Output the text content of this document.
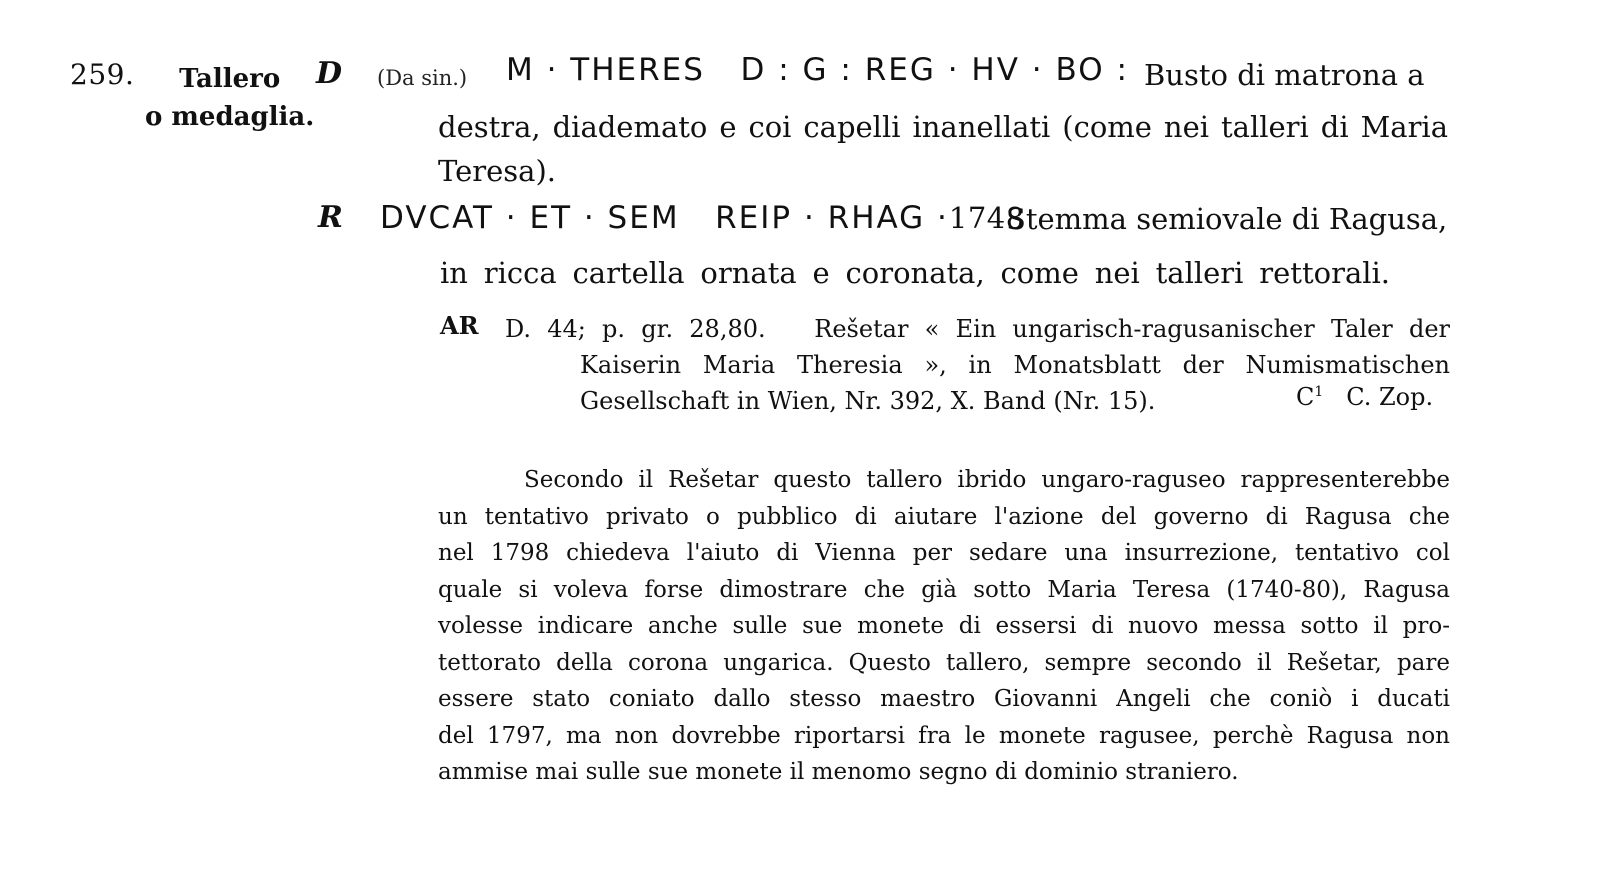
259.	Tallero
o medaglia.
D (Da sin.) M · THERES   D : G : REG · HV · BO : Busto di matrona a
destra, diademato e coi capelli inanellati (come nei talleri di Maria
Teresa).
R DVCAT · ET · SEM   REIP · RHAG ·1748
Stemma semiovale di Ragusa,
in ricca cartella ornata e coronata, come nei talleri rettorali.
AR D. 44; p. gr. 28,80.   Rešetar « Ein ungarisch-ragusanischer Taler der
Kaiserin Maria Theresia », in Monatsblatt der Numismatischen
Gesellschaft in Wien, Nr. 392, X. Band (Nr. 15).	$C^1$ C. Zop.
Secondo il Rešetar questo tallero ibrido ungaro-raguseo rappresenterebbe
un tentativo privato o pubblico di aiutare l'azione del governo di Ragusa che
nel 1798 chiedeva l'aiuto di Vienna per sedare una insurrezione, tentativo col
quale si voleva forse dimostrare che già sotto Maria Teresa (1740-80), Ragusa
volesse indicare anche sulle sue monete di essersi di nuovo messa sotto il pro-
tettorato della corona ungarica. Questo tallero, sempre secondo il Rešetar, pare
essere stato coniato dallo stesso maestro Giovanni Angeli che coniò i ducati
del 1797, ma non dovrebbe riportarsi fra le monete ragusee, perchè Ragusa non
ammise mai sulle sue monete il menomo segno di dominio straniero.
